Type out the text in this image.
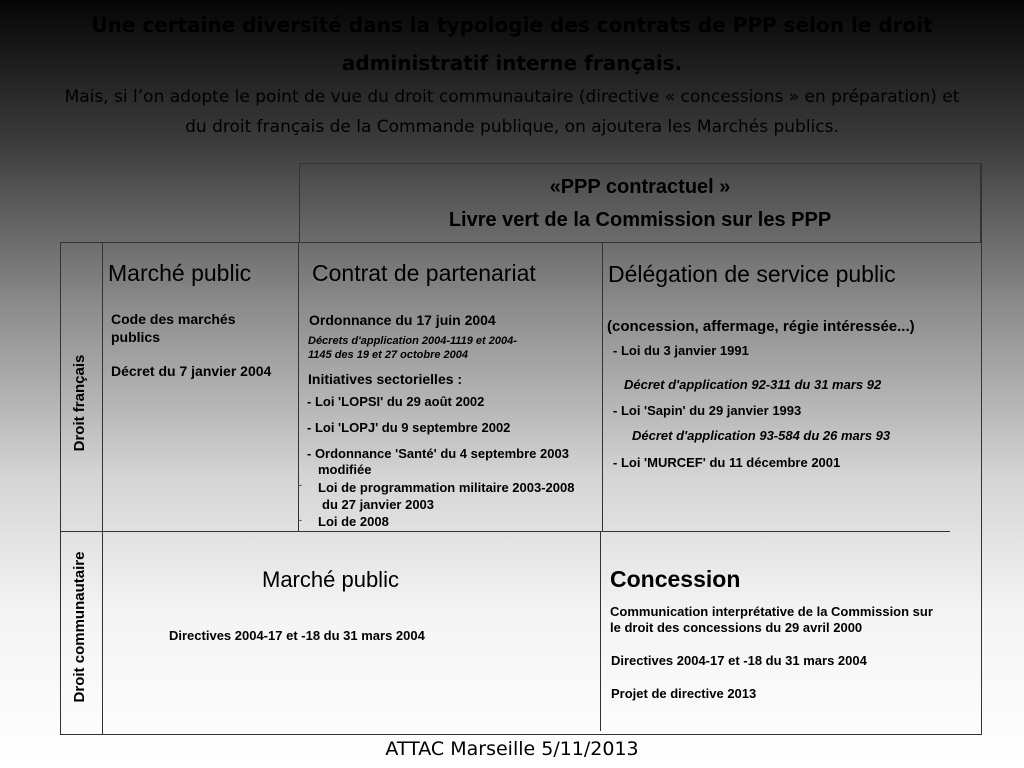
Une certaine diversité dans la typologie des contrats de PPP selon le droit administratif interne français.
Mais, si l’on adopte le point de vue du droit communautaire (directive « concessions » en préparation) et du droit français de la Commande publique, on ajoutera les Marchés publics.
«PPP contractuel »
Livre vert de la Commission sur les PPP
Droit français
Droit communautaire
Marché public	Contrat de partenariat	Délégation de service public
(concession, affermage, régie intéressée...)
Code des marchés publics
Décret du 7 janvier 2004
Ordonnance du 17 juin 2004
Décrets d'application 2004-1119 et 2004-1145 des 19 et 27 octobre 2004
Initiatives sectorielles :
- Loi 'LOPSI' du 29 août 2002
- Loi 'LOPJ' du 9 septembre 2002
- Ordonnance 'Santé' du 4 septembre 2003
modifiée
- Loi de programmation militaire 2003-2008
du 27 janvier 2003
- Loi de 2008
- Loi du 3 janvier 1991
Décret d'application 92-311 du 31 mars 92
- Loi 'Sapin' du 29 janvier 1993
Décret d'application 93-584 du 26 mars 93
- Loi 'MURCEF' du 11 décembre 2001
Marché public
Directives 2004-17 et -18 du 31 mars 2004
Concession
Communication interprétative de la Commission sur le droit des concessions du 29 avril 2000
Directives 2004-17 et -18 du 31 mars 2004
Projet de directive 2013
ATTAC Marseille 5/11/2013
